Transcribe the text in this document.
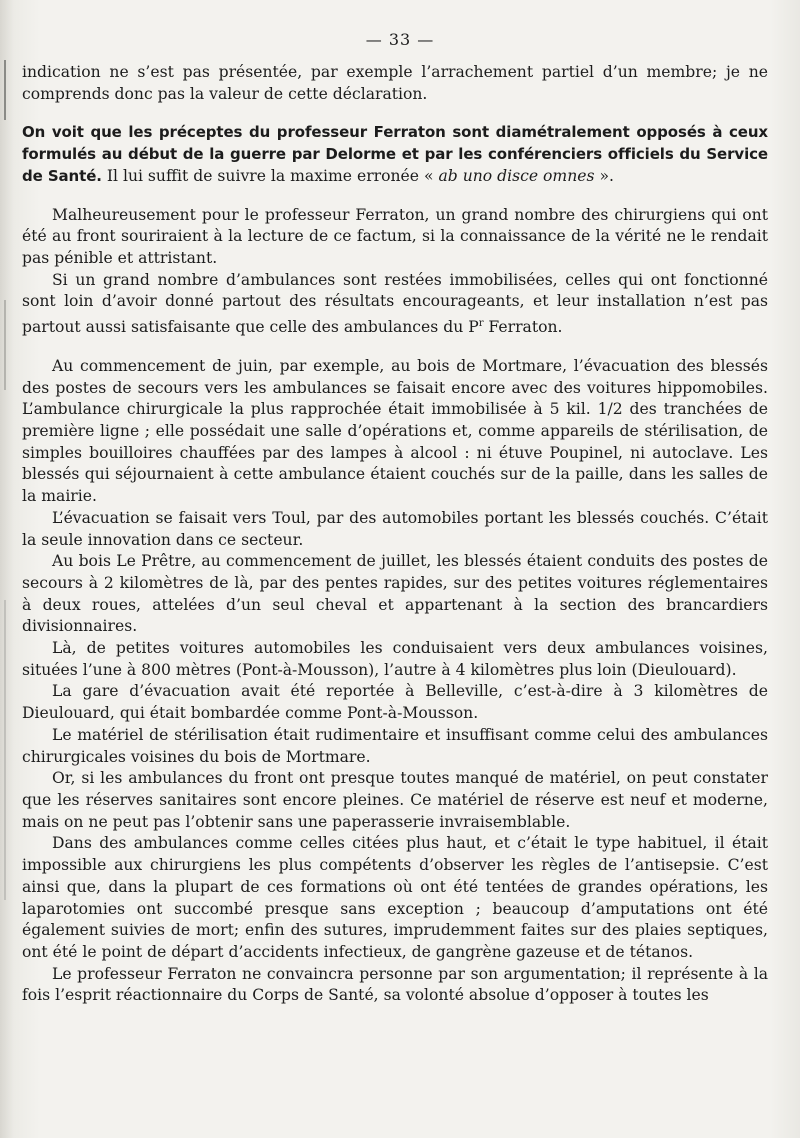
— 33 —

indication ne s’est pas présentée, par exemple l’arrachement partiel d’un membre; je ne comprends donc pas la valeur de cette déclaration.

On voit que les préceptes du professeur Ferraton sont diamétralement opposés à ceux formulés au début de la guerre par Delorme et par les conférenciers officiels du Service de Santé. Il lui suffit de suivre la maxime erronée « ab uno disce omnes ».

Malheureusement pour le professeur Ferraton, un grand nombre des chirurgiens qui ont été au front souriraient à la lecture de ce factum, si la connaissance de la vérité ne le rendait pas pénible et attristant.

Si un grand nombre d’ambulances sont restées immobilisées, celles qui ont fonctionné sont loin d’avoir donné partout des résultats encourageants, et leur installation n’est pas partout aussi satisfaisante que celle des ambulances du $P^r$ Ferraton.

Au commencement de juin, par exemple, au bois de Mortmare, l’évacuation des blessés des postes de secours vers les ambulances se faisait encore avec des voitures hippomobiles. L’ambulance chirurgicale la plus rapprochée était immobilisée à 5 kil. 1/2 des tranchées de première ligne ; elle possédait une salle d’opérations et, comme appareils de stérilisation, de simples bouilloires chauffées par des lampes à alcool : ni étuve Poupinel, ni autoclave. Les blessés qui séjournaient à cette ambulance étaient couchés sur de la paille, dans les salles de la mairie.

L’évacuation se faisait vers Toul, par des automobiles portant les blessés couchés. C’était la seule innovation dans ce secteur.

Au bois Le Prêtre, au commencement de juillet, les blessés étaient conduits des postes de secours à 2 kilomètres de là, par des pentes rapides, sur des petites voitures réglementaires à deux roues, attelées d’un seul cheval et appartenant à la section des brancardiers divisionnaires.

Là, de petites voitures automobiles les conduisaient vers deux ambulances voisines, situées l’une à 800 mètres (Pont-à-Mousson), l’autre à 4 kilomètres plus loin (Dieulouard).

La gare d’évacuation avait été reportée à Belleville, c’est-à-dire à 3 kilomètres de Dieulouard, qui était bombardée comme Pont-à-Mousson.

Le matériel de stérilisation était rudimentaire et insuffisant comme celui des ambulances chirurgicales voisines du bois de Mortmare.

Or, si les ambulances du front ont presque toutes manqué de matériel, on peut constater que les réserves sanitaires sont encore pleines. Ce matériel de réserve est neuf et moderne, mais on ne peut pas l’obtenir sans une paperasserie invraisemblable.

Dans des ambulances comme celles citées plus haut, et c’était le type habituel, il était impossible aux chirurgiens les plus compétents d’observer les règles de l’antisepsie. C’est ainsi que, dans la plupart de ces formations où ont été tentées de grandes opérations, les laparotomies ont succombé presque sans exception ; beaucoup d’amputations ont été également suivies de mort; enfin des sutures, imprudemment faites sur des plaies septiques, ont été le point de départ d’accidents infectieux, de gangrène gazeuse et de tétanos.

Le professeur Ferraton ne convaincra personne par son argumentation; il représente à la fois l’esprit réactionnaire du Corps de Santé, sa volonté absolue d’opposer à toutes les
